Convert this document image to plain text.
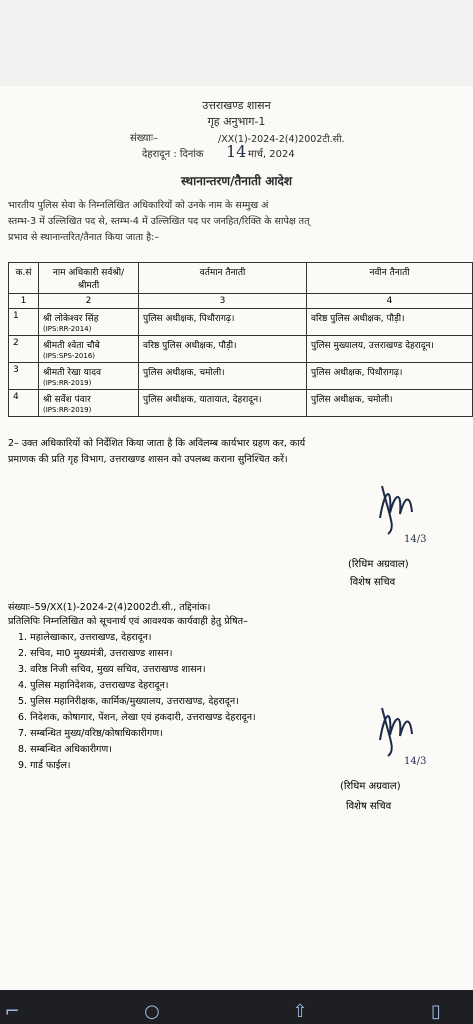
उत्तराखण्ड शासन
गृह अनुभाग-1
संख्याः–	/XX(1)-2024-2(4)2002टी.सी.
देहरादून : दिनांक 14 मार्च, 2024
स्थानान्तरण/तैनाती आदेश
भारतीय पुलिस सेवा के निम्नलिखित अधिकारियों को उनके नाम के सम्मुख अं
स्तम्भ-3 में उल्लिखित पद से, स्तम्भ-4 में उल्लिखित पद पर जनहित/रिक्ति के सापेक्ष तत्
प्रभाव से स्थानान्तरित/तैनात किया जाता है:–
क.सं	नाम अधिकारी सर्वश्री/श्रीमती	वर्तमान तैनाती	नवीन तैनाती
1	2	3	4
1	श्री लोकेश्वर सिंह
(IPS:RR-2014)	पुलिस अधीक्षक, पिथौरागढ़।	वरिष्ठ पुलिस अधीक्षक, पौड़ी।
2	श्रीमती श्वेता चौबे
(IPS:SPS-2016)	वरिष्ठ पुलिस अधीक्षक, पौड़ी।	पुलिस मुख्यालय, उत्तराखण्ड देहरादून।
3	श्रीमती रेखा यादव
(IPS:RR-2019)	पुलिस अधीक्षक, चमोली।	पुलिस अधीक्षक, पिथौरागढ़।
4	श्री सर्वेश पंवार
(IPS:RR-2019)	पुलिस अधीक्षक, यातायात, देहरादून।	पुलिस अधीक्षक, चमोली।
2– उक्त अधिकारियों को निर्देशित किया जाता है कि अविलम्ब कार्यभार ग्रहण कर, कार्य
प्रमाणक की प्रति गृह विभाग, उत्तराखण्ड शासन को उपलब्ध कराना सुनिश्चित करें।
14/3
(रिधिम अग्रवाल)
विशेष सचिव
संख्याः–59/XX(1)-2024-2(4)2002टी.सी., तद्दिनांक।
प्रतिलिपिः निम्नलिखित को सूचनार्थ एवं आवश्यक कार्यवाही हेतु प्रेषित–
1. महालेखाकार, उत्तराखण्ड, देहरादून।
2. सचिव, मा0 मुख्यमंत्री, उत्तराखण्ड शासन।
3. वरिष्ठ निजी सचिव, मुख्य सचिव, उत्तराखण्ड शासन।
4. पुलिस महानिदेशक, उत्तराखण्ड देहरादून।
5. पुलिस महानिरीक्षक, कार्मिक/मुख्यालय, उत्तराखण्ड, देहरादून।
6. निदेशक, कोषागार, पेंशन, लेखा एवं हकदारी, उत्तराखण्ड देहरादून।
7. सम्बन्धित मुख्य/वरिष्ठ/कोषाधिकारीगण।
8. सम्बन्धित अधिकारीगण।
9. गार्ड फाईल।	14/3
(रिधिम अग्रवाल)
विशेष सचिव
⌐	○	⇧	▯
